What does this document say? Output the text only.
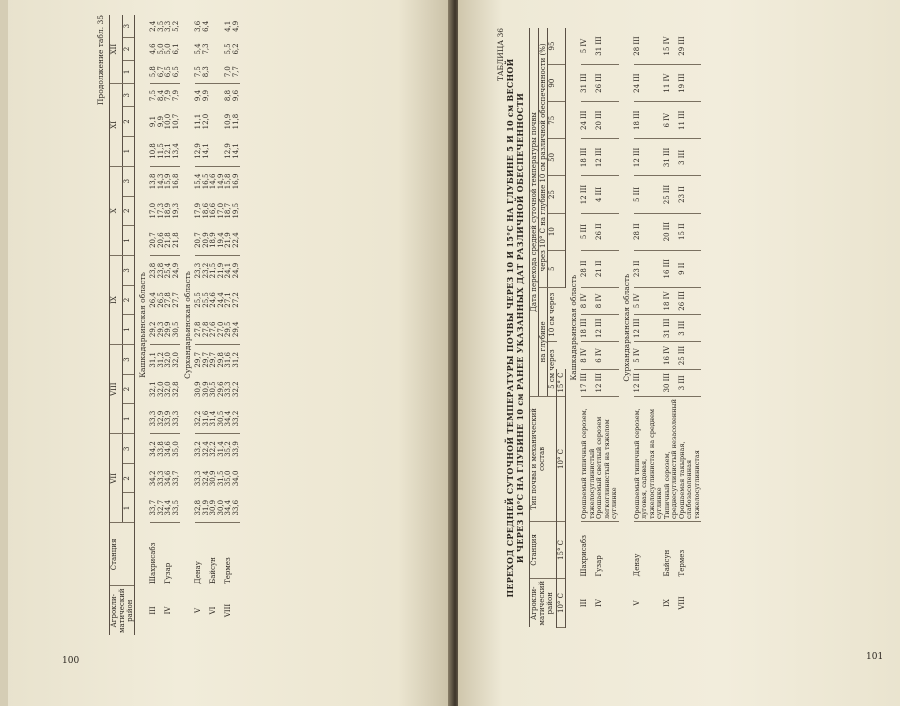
100
Продолжение табл. 35
Агрокли-матический район	Станция	VII			VIII			IX			X			XI			XII		
		1	2	3	1	2	3	1	2	3	1	2	3	1	2	3	1	2	3
Кашкадарьинская область																			
III	Шахрисабз	33,7	34,2	34,2	33,3	32,1	31,1	29,2	26,4	23,8	20,7	17,0	13,8	10,8	9,1	7,5	5,8	4,6	2,4
		32,7	33,3	33,8	32,9	32,0	31,2	29,3	26,5	23,8	20,6	17,3	14,3	11,5	9,9	8,4	6,7	5,0	3,5
IV	Гузар	34,4	34,6	34,6	33,9	32,0	32,0	29,9	27,8	25,4	21,8	18,9	15,9	12,1	10,0	7,9	6,5	5,0	3,3
		33,5	33,7	35,0	33,3	32,8	32,0	30,5	27,7	24,9	21,8	19,3	16,8	13,4	10,7	7,9	6,5	6,1	5,2
Сурхандарьинская область																			
V	Денау	32,8	33,3	33,2	32,2	30,9	29,7	27,8	25,5	23,3	20,7	17,9	15,4	12,9	11,1	9,4	7,5	5,4	3,6
		31,9	32,4	32,4	31,6	30,9	29,7	27,8	25,5	23,2	20,9	18,6	16,5	14,1	12,0	9,9	8,3	7,3	6,4
VI	Байсун	30,9	30,9	32,2	31,4	30,5	29,7	27,6	24,6	21,5	18,9	16,6	14,6						
		30,0	31,5	31,4	30,5	29,6	29,8	27,0	24,4	21,9	19,4	17,0	14,9						
VIII	Термез	34,4	35,0	35,2	34,4	33,3	31,6	29,5	27,1	24,1	21,9	18,7	15,8	12,9	10,9	8,8	7,0	5,5	4,1
		33,6	34,0	33,9	33,2	32,2	31,2	29,4	27,2	24,9	22,4	19,5	16,9	14,1	11,8	9,6	7,7	6,2	4,9
101
ТАБЛИЦА 36
ПЕРЕХОД СРЕДНЕЙ СУТОЧНОЙ ТЕМПЕРАТУРЫ ПОЧВЫ ЧЕРЕЗ 10 И 15°С НА ГЛУБИНЕ 5 И 10 см ВЕСНОЙ И ЧЕРЕЗ 10°С НА ГЛУБИНЕ 10 см РАНЕЕ УКАЗАННЫХ ДАТ РАЗЛИЧНОЙ ОБЕСПЕЧЕННОСТИ
Агрокли-матический район	Станция	Тип почвы и механический состав	Дата перехода средней суточной температуры почвы										
			на глубине				через 10° С на глубине 10 см различной обеспеченности (%)						
			5 см через		10 см через		5	10	25	50	75	90	95
10° С	15° С	10° С	15° С										
Кашкадарьинская область													
III	Шахрисабз	Орошаемый типичный серозем, тяжелосуглинистый	17 III	8 IV	18 III	8 IV	28 II	5 III	12 III	18 III	24 III	31 III	5 IV
IV	Гузар	Орошаемый светлый серозем легкоглинистый на тяжелом суглинке	12 III	6 IV	12 III	8 IV	21 II	26 II	4 III	12 III	20 III	26 III	31 III
Сурхандарьинская область													
V	Денау	Орошаемый типичный серозем, луговая, садовая, тяжелосуглинистая на среднем суглинке	12 III	5 IV	12 III	5 IV	23 II	28 II	5 III	12 III	18 III	24 III	28 III
IX	Байсун	Типичный серозем, среднесуглинистый незасоленный	30 III	16 IV	31 III	18 IV	16 III	20 III	25 III	31 III	6 IV	11 IV	15 IV
VIII	Термез	Орошаемая такырная, слабозасоленная тяжелосуглинистая	3 III	25 III	3 III	26 III	9 II	15 II	23 II	3 III	11 III	19 III	29 III
